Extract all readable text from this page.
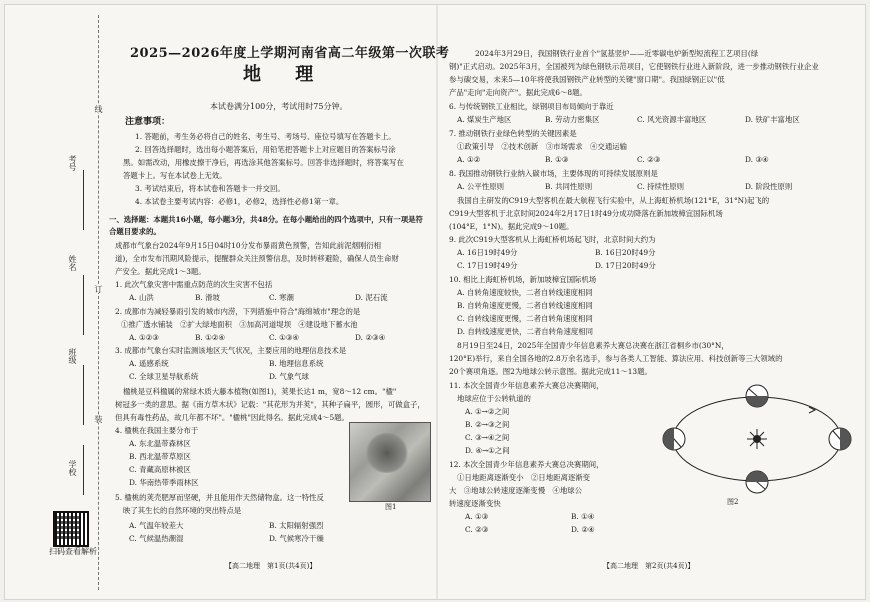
考号
姓名
班级
学校
线
订
装
扫码查看解析
2025—2026年度上学期河南省高二年级第一次联考
地 理
本试卷满分100分，考试用时75分钟。
注意事项：
1. 答题前，考生务必将自己的姓名、考生号、考场号、座位号填写在答题卡上。
2. 回答选择题时，选出每小题答案后，用铅笔把答题卡上对应题目的答案标号涂
黑。如需改动，用橡皮擦干净后，再选涂其他答案标号。回答非选择题时，将答案写在
答题卡上。写在本试卷上无效。
3. 考试结束后，将本试卷和答题卡一并交回。
4. 本试卷主要考试内容：必修1，必修2，选择性必修1第一章。
一、选择题：本题共16小题，每小题3分，共48分。在每小题给出的四个选项中，只有一项是符
合题目要求的。
成都市气象台2024年9月15日04时10分发布暴雨黄色预警，告知此前泥烟刚衍相
道)，全市发布汛期风险提示，提醒群众关注预警信息，及时转移避险，确保人员生命财
产安全。据此完成1～3题。
1. 此次气象灾害中需重点防范的次生灾害不包括
A. 山洪	B. 滑坡	C. 寒潮	D. 泥石流
2. 成都市为减轻暴雨引发的城市内涝，下列措施中符合"海绵城市"理念的是
①推广透水铺装　②扩大绿地面积　③加高河道堤坝　④建设地下蓄水池
A. ①②③	B. ①②④	C. ①③④	D. ②③④
3. 成都市气象台实时监测该地区天气状况，主要应用的地理信息技术是
A. 遥感系统	B. 地理信息系统
C. 全球卫星导航系统	D. 气象气球
楹桃是豆科楹属的常绿木质大藤本植物(如图1)，荚果长达1 m，宽8～12 cm。"楹"
树冠多一类的意思。据《南方草木状》记载："其花形为并荚"，其种子扁平，圆形，可做盒子，
但具有毒性药品，故几年都不坏"。"楹桃"因此得名。据此完成4～5题。
4. 楹桃在我国主要分布于
A. 东北温带森林区
B. 西北温带草原区
C. 青藏高原林被区
D. 华南热带季雨林区
5. 楹桃的荚壳肥厚而坚硬，并且能用作天然储物盒。这一特性反
映了其生长的自然环境的突出特点是
A. 气温年较差大	B. 太阳辐射强烈
C. 气候温热潮湿	D. 气候寒冷干燥
图1
【高二地理　第1页(共4页)】
2024年3月29日，我国钢铁行业首个"氢基竖炉——近零碳电炉新型短流程工艺项目(绿
钢)"正式启动。2025年3月，全国被列为绿色钢铁示范项目，它使钢铁行业进入新阶段，进一步推动钢铁行业企业
参与碳交易，未来5—10年将使我国钢铁产业转型的关键"窗口期"。我国绿钢正以"低
产品"走向"走向资产"。据此完成6～8题。
6. 与传统钢铁工业相比，绿钢项目布局倾向于靠近
A. 煤炭生产地区	B. 劳动力密集区	C. 风光资源丰富地区	D. 铁矿丰富地区
7. 推动钢铁行业绿色转型的关键因素是
①政策引导　②技术创新　③市场需求　④交通运输
A. ①②	B. ①③	C. ②③	D. ③④
8. 我国推动钢铁行业纳入碳市场，主要体现的可持续发展原则是
A. 公平性原则	B. 共同性原则	C. 持续性原则	D. 阶段性原则
我国自主研发的C919大型客机在最大航程飞行实验中，从上海虹桥机场(121°E，31°N)起飞的
C919大型客机于北京时间2024年2月17日1时49分成功降落在新加坡樟宜国际机场
(104°E，1°N)。据此完成9～10题。
9. 此次C919大型客机从上海虹桥机场起飞时，北京时间大约为
A. 16日19时49分	B. 16日20时49分
C. 17日19时49分	D. 17日20时49分
10. 相比上海虹桥机场，新加坡樟宜国际机场
A. 自转角速度较快，二者自转线速度相同
B. 自转角速度更慢，二者自转线速度相同
C. 自转线速度更慢，二者自转角速度相同
D. 自转线速度更快，二者自转角速度相同
8月19日至24日，2025年全国青少年信息素养大赛总决赛在浙江省桐乡市(30°N，
120°E)举行，来自全国各地的2.8万余名选手，参与各类人工智能、算法应用、科技创新等三大领域的
20个赛项角逐。图2为地球公转示意图。据此完成11～13题。
11. 本次全国青少年信息素养大赛总决赛期间，
地球应位于公转轨道的
A. ①→②之间
B. ②→③之间
C. ③→④之间
D. ④→①之间
12. 本次全国青少年信息素养大赛总决赛期间，
①日地距离逐渐变小　②日地距离逐渐变
大　③地球公转速度逐渐变慢　④地球公
转速度逐渐变快
A. ①③	B. ①④
C. ②③	D. ②④
图2
【高二地理　第2页(共4页)】
